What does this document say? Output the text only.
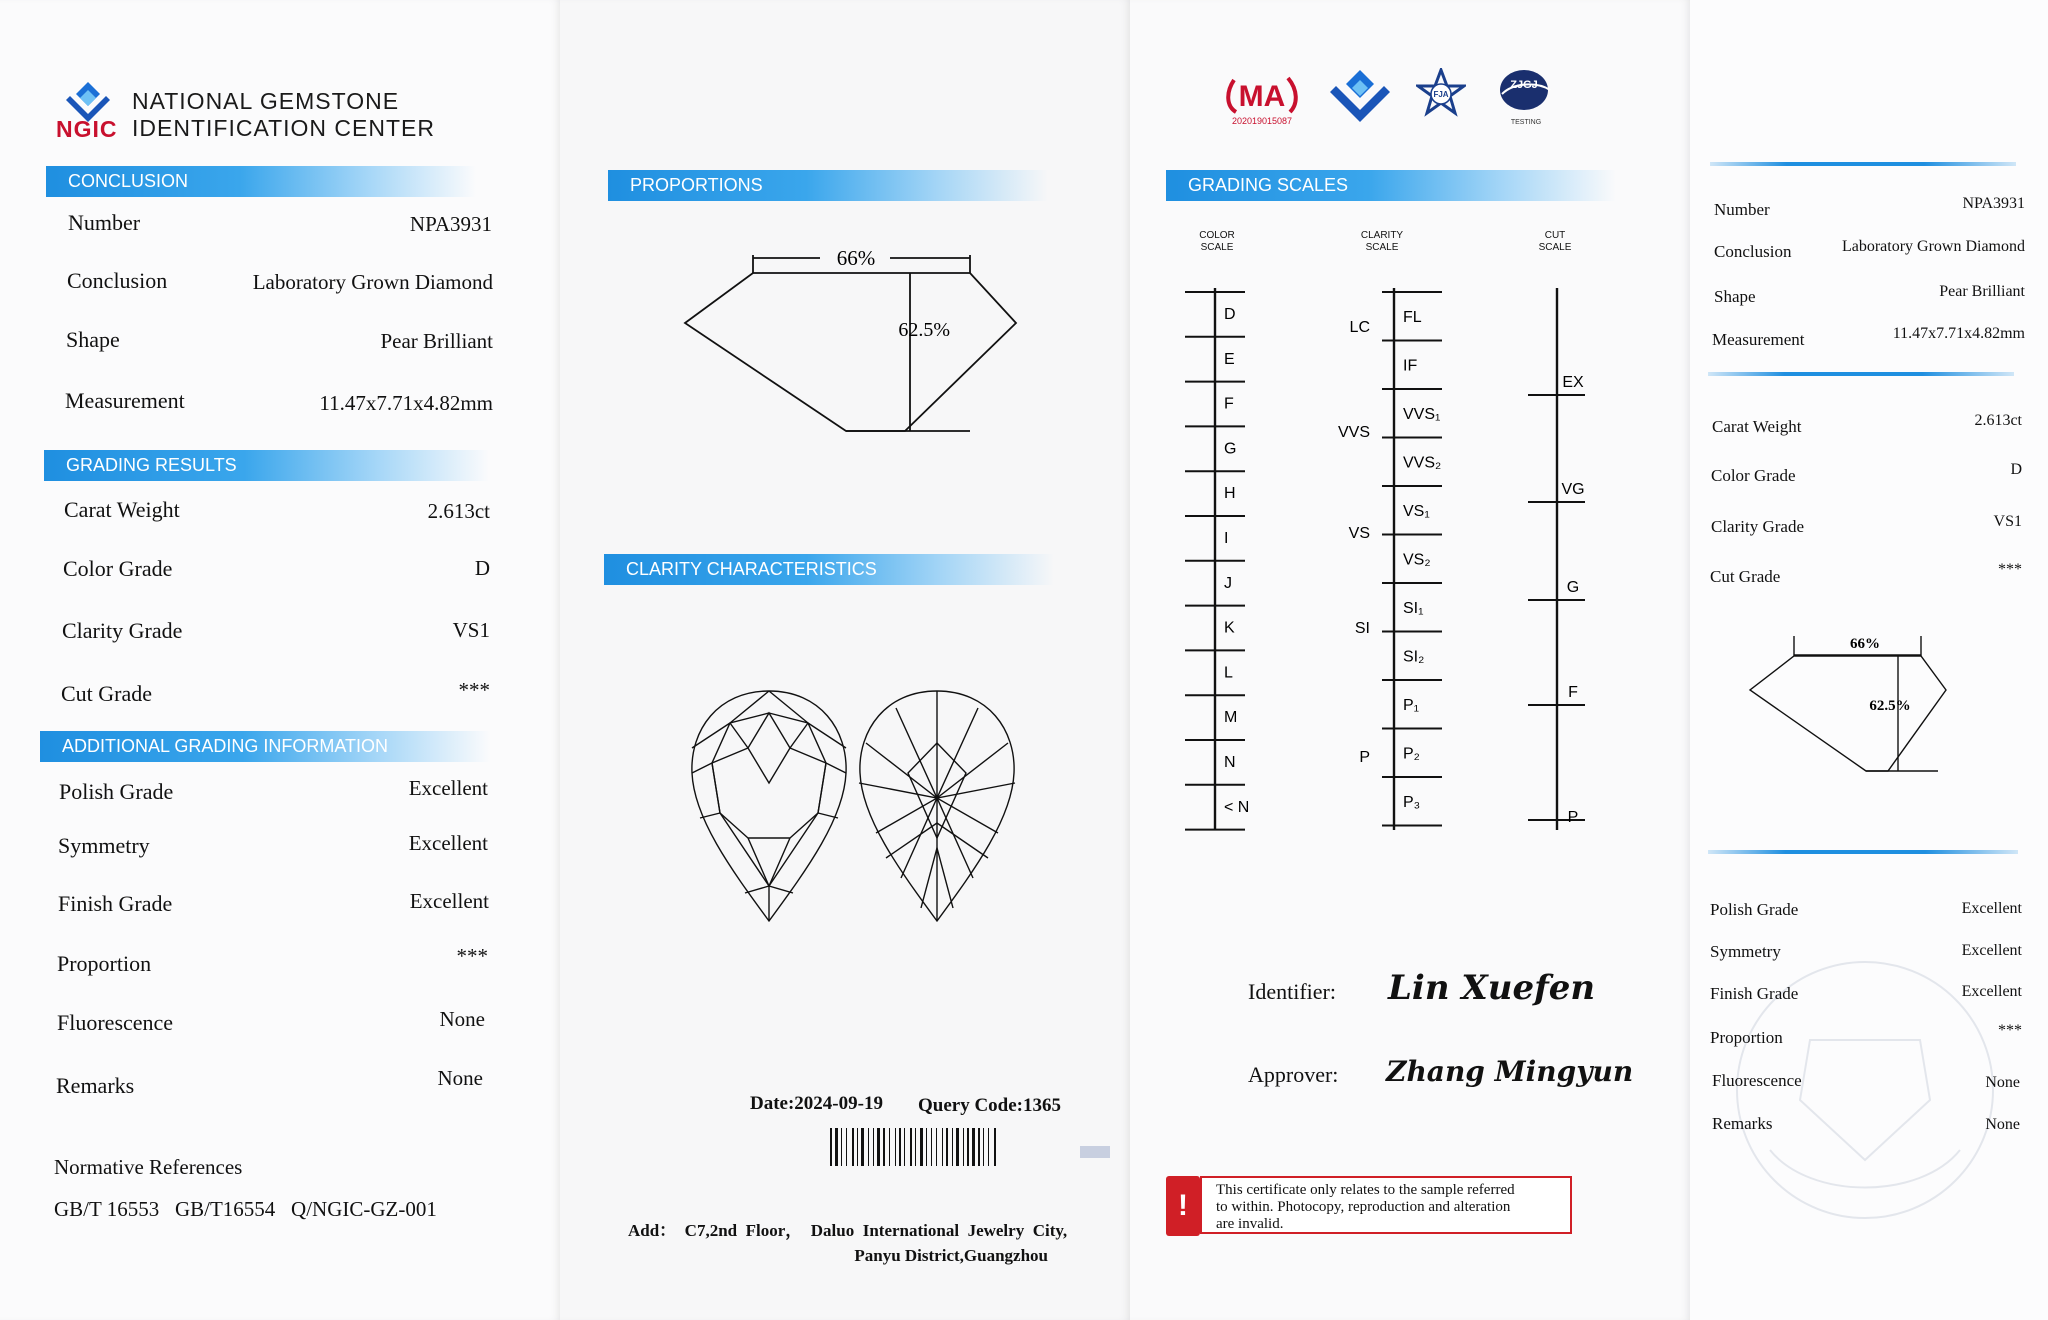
NGIC
NATIONAL GEMSTONE
IDENTIFICATION CENTER
CONCLUSION
Number	NPA3931
Conclusion	Laboratory Grown Diamond
Shape	Pear Brilliant
Measurement	11.47x7.71x4.82mm
GRADING RESULTS
Carat Weight	2.613ct
Color Grade	D
Clarity Grade	VS1
Cut Grade	***
ADDITIONAL GRADING INFORMATION
Polish Grade	Excellent
Symmetry	Excellent
Finish Grade	Excellent
Proportion	***
Fluorescence	None
Remarks	None
Normative References
GB/T 16553   GB/T16554   Q/NGIC-GZ-001
PROPORTIONS
66%
62.5%
CLARITY CHARACTERISTICS
Date:2024-09-19 Query Code:1365
Add：  C7,2nd  Floor，  Daluo  International  Jewelry  City,
Panyu District,Guangzhou
MA
202019015087
FJA
ZJGJ
TESTING
GRADING SCALES
COLOR
SCALE
CLARITY
SCALE
CUT
SCALE
D
E
F
G
H
I
J
K
L
M
N
< N
FL
IF
VVS₁
VVS₂
VS₁
VS₂
SI₁
SI₂
P₁
P₂
P₃
LC
VVS
VS
SI
P
EX
VG
G
F
P
Identifier: Lin Xuefen
Approver: Zhang Mingyun
!	This certificate only relates to the sample referred
to within. Photocopy, reproduction and alteration
are invalid.
Number	NPA3931
Conclusion	Laboratory Grown Diamond
Shape	Pear Brilliant
Measurement	11.47x7.71x4.82mm
Carat Weight	2.613ct
Color Grade	D
Clarity Grade	VS1
Cut Grade	***
66%
62.5%
Polish Grade	Excellent
Symmetry	Excellent
Finish Grade	Excellent
Proportion	***
Fluorescence	None
Remarks	None
